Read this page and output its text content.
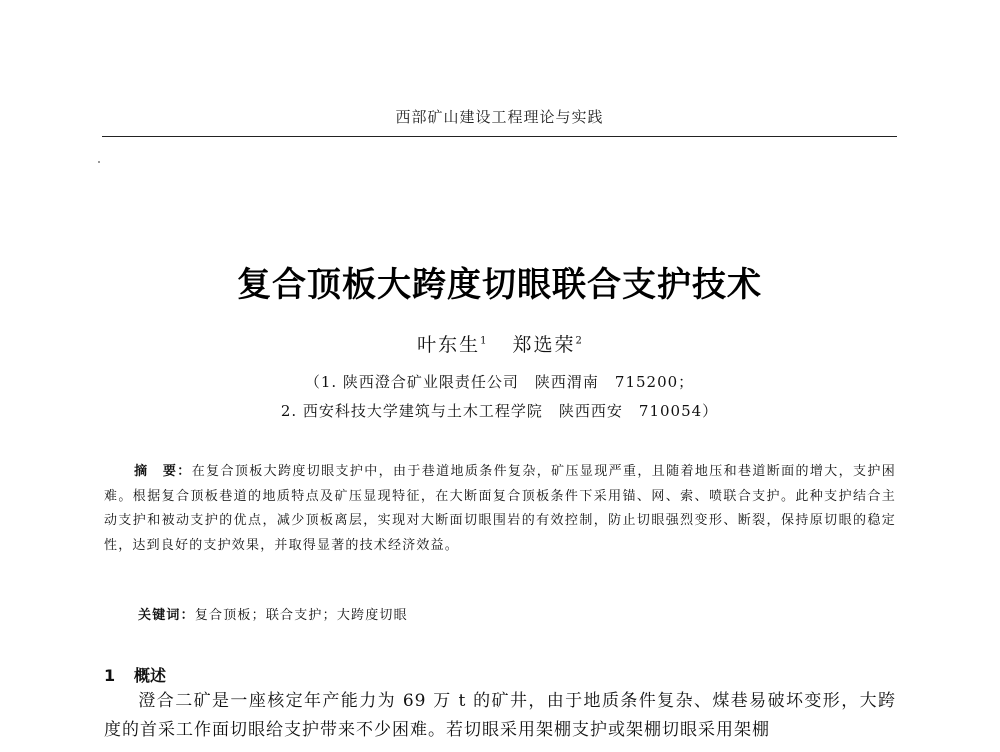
西部矿山建设工程理论与实践
复合顶板大跨度切眼联合支护技术
叶东生$^1$ 郑选荣$^2$
（1. 陕西澄合矿业限责任公司　陕西渭南　715200；
2. 西安科技大学建筑与土木工程学院　陕西西安　710054）
摘　要：在复合顶板大跨度切眼支护中，由于巷道地质条件复杂，矿压显现严重，且随着地压和巷道断面的增大，支护困难。根据复合顶板巷道的地质特点及矿压显现特征，在大断面复合顶板条件下采用锚、网、索、喷联合支护。此种支护结合主动支护和被动支护的优点，减少顶板离层，实现对大断面切眼围岩的有效控制，防止切眼强烈变形、断裂，保持原切眼的稳定性，达到良好的支护效果，并取得显著的技术经济效益。
关键词：复合顶板；联合支护；大跨度切眼
1 概述
澄合二矿是一座核定年产能力为 69 万 t 的矿井，由于地质条件复杂、煤巷易破坏变形，大跨度的首采工作面切眼给支护带来不少困难。若切眼采用架棚支护或架棚切眼采用架棚
